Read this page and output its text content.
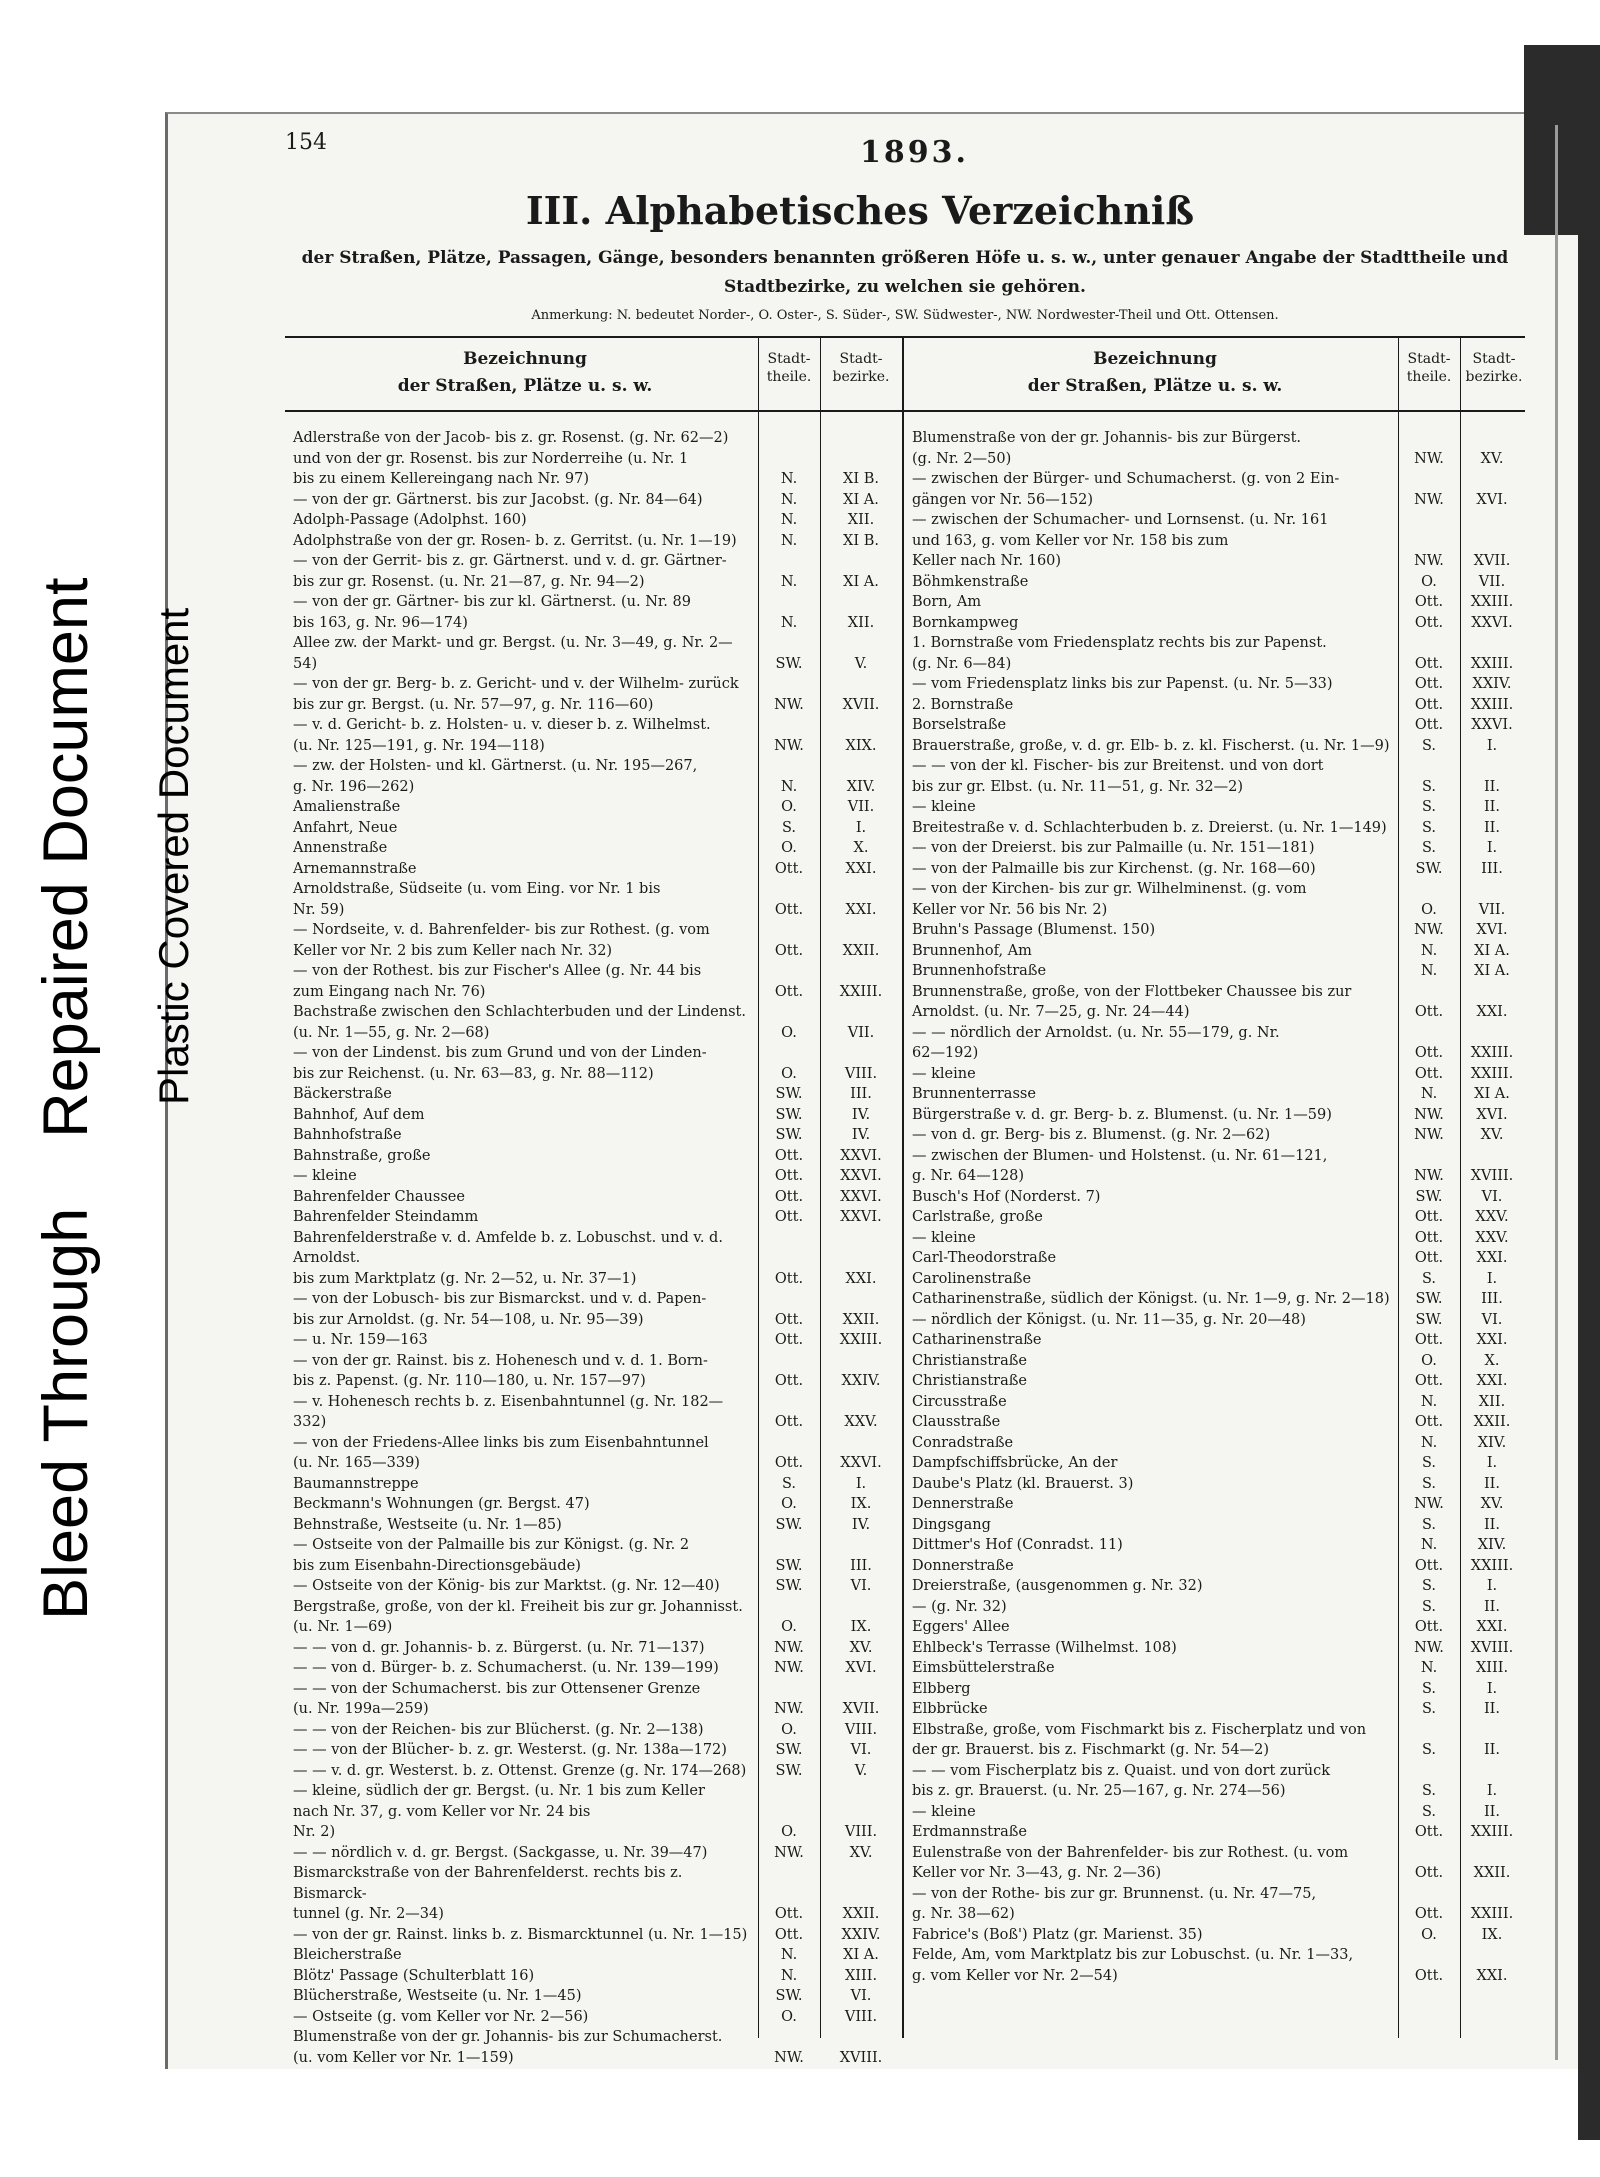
Bleed Through    Repaired Document Plastic Covered Document
154	1893.
III. Alphabetisches Verzeichniß
der Straßen, Plätze, Passagen, Gänge, besonders benannten größeren Höfe u. s. w., unter genauer Angabe der Stadttheile und Stadtbezirke, zu welchen sie gehören.
Anmerkung: N. bedeutet Norder-, O. Oster-, S. Süder-, SW. Südwester-, NW. Nordwester-Theil und Ott. Ottensen.
Bezeichnung
der Straßen, Plätze u. s. w.
Stadt-theile.
Stadt-bezirke.
Bezeichnung
der Straßen, Plätze u. s. w.
Stadt-theile.
Stadt-bezirke.
Adlerstraße von der Jacob- bis z. gr. Rosenst. (g. Nr. 62—2)
und von der gr. Rosenst. bis zur Norderreihe (u. Nr. 1
bis zu einem Kellereingang nach Nr. 97)	N.	XI B.
— von der gr. Gärtnerst. bis zur Jacobst. (g. Nr. 84—64)	N.	XI A.
Adolph-Passage (Adolphst. 160)	N.	XII.
Adolphstraße von der gr. Rosen- b. z. Gerritst. (u. Nr. 1—19)	N.	XI B.
— von der Gerrit- bis z. gr. Gärtnerst. und v. d. gr. Gärtner-
bis zur gr. Rosenst. (u. Nr. 21—87, g. Nr. 94—2)	N.	XI A.
— von der gr. Gärtner- bis zur kl. Gärtnerst. (u. Nr. 89
bis 163, g. Nr. 96—174)	N.	XII.
Allee zw. der Markt- und gr. Bergst. (u. Nr. 3—49, g. Nr. 2—54)	SW.	V.
— von der gr. Berg- b. z. Gericht- und v. der Wilhelm- zurück
bis zur gr. Bergst. (u. Nr. 57—97, g. Nr. 116—60)	NW.	XVII.
— v. d. Gericht- b. z. Holsten- u. v. dieser b. z. Wilhelmst.
(u. Nr. 125—191, g. Nr. 194—118)	NW.	XIX.
— zw. der Holsten- und kl. Gärtnerst. (u. Nr. 195—267,
g. Nr. 196—262)	N.	XIV.
Amalienstraße	O.	VII.
Anfahrt, Neue	S.	I.
Annenstraße	O.	X.
Arnemannstraße	Ott.	XXI.
Arnoldstraße, Südseite (u. vom Eing. vor Nr. 1 bis
Nr. 59)	Ott.	XXI.
— Nordseite, v. d. Bahrenfelder- bis zur Rothest. (g. vom
Keller vor Nr. 2 bis zum Keller nach Nr. 32)	Ott.	XXII.
— von der Rothest. bis zur Fischer's Allee (g. Nr. 44 bis
zum Eingang nach Nr. 76)	Ott.	XXIII.
Bachstraße zwischen den Schlachterbuden und der Lindenst.
(u. Nr. 1—55, g. Nr. 2—68)	O.	VII.
— von der Lindenst. bis zum Grund und von der Linden-
bis zur Reichenst. (u. Nr. 63—83, g. Nr. 88—112)	O.	VIII.
Bäckerstraße	SW.	III.
Bahnhof, Auf dem	SW.	IV.
Bahnhofstraße	SW.	IV.
Bahnstraße, große	Ott.	XXVI.
— kleine	Ott.	XXVI.
Bahrenfelder Chaussee	Ott.	XXVI.
Bahrenfelder Steindamm	Ott.	XXVI.
Bahrenfelderstraße v. d. Amfelde b. z. Lobuschst. und v. d. Arnoldst.
bis zum Marktplatz (g. Nr. 2—52, u. Nr. 37—1)	Ott.	XXI.
— von der Lobusch- bis zur Bismarckst. und v. d. Papen-
bis zur Arnoldst. (g. Nr. 54—108, u. Nr. 95—39)	Ott.	XXII.
— u. Nr. 159—163	Ott.	XXIII.
— von der gr. Rainst. bis z. Hohenesch und v. d. 1. Born-
bis z. Papenst. (g. Nr. 110—180, u. Nr. 157—97)	Ott.	XXIV.
— v. Hohenesch rechts b. z. Eisenbahntunnel (g. Nr. 182—332)	Ott.	XXV.
— von der Friedens-Allee links bis zum Eisenbahntunnel
(u. Nr. 165—339)	Ott.	XXVI.
Baumannstreppe	S.	I.
Beckmann's Wohnungen (gr. Bergst. 47)	O.	IX.
Behnstraße, Westseite (u. Nr. 1—85)	SW.	IV.
— Ostseite von der Palmaille bis zur Königst. (g. Nr. 2
bis zum Eisenbahn-Directionsgebäude)	SW.	III.
— Ostseite von der König- bis zur Marktst. (g. Nr. 12—40)	SW.	VI.
Bergstraße, große, von der kl. Freiheit bis zur gr. Johannisst.
(u. Nr. 1—69)	O.	IX.
— — von d. gr. Johannis- b. z. Bürgerst. (u. Nr. 71—137)	NW.	XV.
— — von d. Bürger- b. z. Schumacherst. (u. Nr. 139—199)	NW.	XVI.
— — von der Schumacherst. bis zur Ottensener Grenze
(u. Nr. 199a—259)	NW.	XVII.
— — von der Reichen- bis zur Blücherst. (g. Nr. 2—138)	O.	VIII.
— — von der Blücher- b. z. gr. Westerst. (g. Nr. 138a—172)	SW.	VI.
— — v. d. gr. Westerst. b. z. Ottenst. Grenze (g. Nr. 174—268)	SW.	V.
— kleine, südlich der gr. Bergst. (u. Nr. 1 bis zum Keller
nach Nr. 37, g. vom Keller vor Nr. 24 bis
Nr. 2)	O.	VIII.
— — nördlich v. d. gr. Bergst. (Sackgasse, u. Nr. 39—47)	NW.	XV.
Bismarckstraße von der Bahrenfelderst. rechts bis z. Bismarck-
tunnel (g. Nr. 2—34)	Ott.	XXII.
— von der gr. Rainst. links b. z. Bismarcktunnel (u. Nr. 1—15)	Ott.	XXIV.
Bleicherstraße	N.	XI A.
Blötz' Passage (Schulterblatt 16)	N.	XIII.
Blücherstraße, Westseite (u. Nr. 1—45)	SW.	VI.
— Ostseite (g. vom Keller vor Nr. 2—56)	O.	VIII.
Blumenstraße von der gr. Johannis- bis zur Schumacherst.
(u. vom Keller vor Nr. 1—159)	NW.	XVIII.
Blumenstraße von der gr. Johannis- bis zur Bürgerst.
(g. Nr. 2—50)	NW.	XV.
— zwischen der Bürger- und Schumacherst. (g. von 2 Ein-
gängen vor Nr. 56—152)	NW.	XVI.
— zwischen der Schumacher- und Lornsenst. (u. Nr. 161
und 163, g. vom Keller vor Nr. 158 bis zum
Keller nach Nr. 160)	NW.	XVII.
Böhmkenstraße	O.	VII.
Born, Am	Ott.	XXIII.
Bornkampweg	Ott.	XXVI.
1. Bornstraße vom Friedensplatz rechts bis zur Papenst.
(g. Nr. 6—84)	Ott.	XXIII.
— vom Friedensplatz links bis zur Papenst. (u. Nr. 5—33)	Ott.	XXIV.
2. Bornstraße	Ott.	XXIII.
Borselstraße	Ott.	XXVI.
Brauerstraße, große, v. d. gr. Elb- b. z. kl. Fischerst. (u. Nr. 1—9)	S.	I.
— — von der kl. Fischer- bis zur Breitenst. und von dort
bis zur gr. Elbst. (u. Nr. 11—51, g. Nr. 32—2)	S.	II.
— kleine	S.	II.
Breitestraße v. d. Schlachterbuden b. z. Dreierst. (u. Nr. 1—149)	S.	II.
— von der Dreierst. bis zur Palmaille (u. Nr. 151—181)	S.	I.
— von der Palmaille bis zur Kirchenst. (g. Nr. 168—60)	SW.	III.
— von der Kirchen- bis zur gr. Wilhelminenst. (g. vom
Keller vor Nr. 56 bis Nr. 2)	O.	VII.
Bruhn's Passage (Blumenst. 150)	NW.	XVI.
Brunnenhof, Am	N.	XI A.
Brunnenhofstraße	N.	XI A.
Brunnenstraße, große, von der Flottbeker Chaussee bis zur
Arnoldst. (u. Nr. 7—25, g. Nr. 24—44)	Ott.	XXI.
— — nördlich der Arnoldst. (u. Nr. 55—179, g. Nr.
62—192)	Ott.	XXIII.
— kleine	Ott.	XXIII.
Brunnenterrasse	N.	XI A.
Bürgerstraße v. d. gr. Berg- b. z. Blumenst. (u. Nr. 1—59)	NW.	XVI.
— von d. gr. Berg- bis z. Blumenst. (g. Nr. 2—62)	NW.	XV.
— zwischen der Blumen- und Holstenst. (u. Nr. 61—121,
g. Nr. 64—128)	NW.	XVIII.
Busch's Hof (Norderst. 7)	SW.	VI.
Carlstraße, große	Ott.	XXV.
— kleine	Ott.	XXV.
Carl-Theodorstraße	Ott.	XXI.
Carolinenstraße	S.	I.
Catharinenstraße, südlich der Königst. (u. Nr. 1—9, g. Nr. 2—18)	SW.	III.
— nördlich der Königst. (u. Nr. 11—35, g. Nr. 20—48)	SW.	VI.
Catharinenstraße	Ott.	XXI.
Christianstraße	O.	X.
Christianstraße	Ott.	XXI.
Circusstraße	N.	XII.
Clausstraße	Ott.	XXII.
Conradstraße	N.	XIV.
Dampfschiffsbrücke, An der	S.	I.
Daube's Platz (kl. Brauerst. 3)	S.	II.
Dennerstraße	NW.	XV.
Dingsgang	S.	II.
Dittmer's Hof (Conradst. 11)	N.	XIV.
Donnerstraße	Ott.	XXIII.
Dreierstraße, (ausgenommen g. Nr. 32)	S.	I.
— (g. Nr. 32)	S.	II.
Eggers' Allee	Ott.	XXI.
Ehlbeck's Terrasse (Wilhelmst. 108)	NW.	XVIII.
Eimsbüttelerstraße	N.	XIII.
Elbberg	S.	I.
Elbbrücke	S.	II.
Elbstraße, große, vom Fischmarkt bis z. Fischerplatz und von
der gr. Brauerst. bis z. Fischmarkt (g. Nr. 54—2)	S.	II.
— — vom Fischerplatz bis z. Quaist. und von dort zurück
bis z. gr. Brauerst. (u. Nr. 25—167, g. Nr. 274—56)	S.	I.
— kleine	S.	II.
Erdmannstraße	Ott.	XXIII.
Eulenstraße von der Bahrenfelder- bis zur Rothest. (u. vom
Keller vor Nr. 3—43, g. Nr. 2—36)	Ott.	XXII.
— von der Rothe- bis zur gr. Brunnenst. (u. Nr. 47—75,
g. Nr. 38—62)	Ott.	XXIII.
Fabrice's (Boß') Platz (gr. Marienst. 35)	O.	IX.
Felde, Am, vom Marktplatz bis zur Lobuschst. (u. Nr. 1—33,
g. vom Keller vor Nr. 2—54)	Ott.	XXI.
